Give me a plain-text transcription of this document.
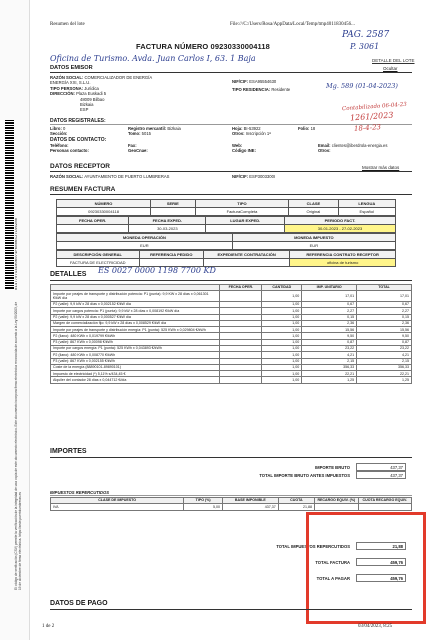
8147707141006071F6806SJ7CV62B0
El código de verificación (CSV) permite la verificación de la integridad de una copia de este documento electrónico. Este documento incorpora firma electrónica reconocida de acuerdo a la Ley 59/2003, de 19 de diciembre de firma electrónica. https://sede.puertolumbreras.es
Resumen del lote	File:///C:/Users/Rosa/AppData/Local/Temp/tmp4011830456...
PAG. 2587
P. 3061
FACTURA NÚMERO 09230330004118
DETALLE DEL LOTE
Oficina de Turismo. Avda. Juan Carlos I, 63. 1 Baja
DATOS EMISOR	Ocultar
RAZÓN SOCIAL: COMERCIALIZADOR DE ENERGÍA
ENERGÍA XXI, S.L.U.
TIPO PERSONA: Jurídica
DIRECCIÓN: Plaza Euskadi 5
48009 Bilbao
Bizkaia
ESP
NIF/CIF: ESA95554630
TIPO RESIDENCIA: Residente	Mg. 589 (01-04-2023)
DATOS REGISTRALES:
Libro: 0
Sección:
Registro mercantil: Bizkaia
Tomo: 5015
Hoja: BI-53922
Otros: Inscripción 1ª
Folio: 18
Contabilizado 06-04-23
1261/2023
18-4-23
DATOS DE CONTACTO:
Teléfono:
Personas contacto:
Fax:
GeoCnae:
Web:
Código INE:
Email: clientes@iberdrola-energia.es
Otros:
DATOS RECEPTOR	Mostrar más datos
RAZÓN SOCIAL: AYUNTAMIENTO DE PUERTO LUMBRERAS	NIF/CIF: ESP3003300I
RESUMEN FACTURA
NÚMERO	SERIE	TIPO	CLASE	LENGUA
09230330004118		FacturaCompleta	Original	Español
FECHA OPER.	FECHA EXPED.	LUGAR EXPED.	PERIODO FACT.
	30-03-2023		30-01-2023 - 27-02-2023
MONEDA OPERACIÓN	MONEDA IMPUESTO
EUR	EUR
DESCRIPCIÓN GENERAL	REFERENCIA PEDIDO	EXPEDIENTE CONTRATACIÓN	REFERENCIA CONTRATO RECEPTOR
FACTURA DE ELECTRICIDAD			oficina de turismo
DETALLES ES 0027 0000 1198 7700 KD
	FECHA OPER.	CANTIDAD	IMP. UNITARIO	TOTAL
Importe por peajes de transporte y distribución potencia: P1 (punta): 9,9 KW x 28 días x 0,061301 €/kW día		1,00	17,01	17,01
P2 (valle): 9,9 kW x 28 días x 0,002152 €/kW día		1,00	0,67	0,67
Importe por cargos potencia: P1 (punta): 9,9 kW x 28 días x 0,008192 €/kW día		1,00	2,27	2,27
P2 (valle): 9,9 kW x 28 días x 0,000527 €/kW día		1,00	0,15	0,15
Margen de comercialización fijo: 9,9 kW x 28 días x 0,008529 €/kW día		1,00	2,36	2,36
Importe por peajes de transporte y distribución energía: P1 (punta): 525 KWh x 0,029804 €/kWh		1,00	15,56	15,56
P2 (llano): 480 KWh x 0,019799 €/kWh		1,00	9,50	9,50
P3 (valle): 867 KWh x 0,00098 €/kWh		1,00	0,87	0,87
Importe por cargos energía: P1 (punta): 525 KWh x 0,043893 €/kWh		1,00	23,22	23,22
P2 (llano): 480 KWh x 0,008770 €/kWh		1,00	4,21	4,21
P3 (valle): 867 KWh x 0,002155 €/kWh		1,00	2,15	2,15
Coste de la energía (88890101-89890101)		1,00	356,33	356,33
Impuesto de electricidad (*) 5,11% s/434,45 €		1,00	22,21	22,21
Alquiler del contador 28 días x 0,044712 €/día		1,00	1,25	1,25
IMPORTES
IMPORTE BRUTO	437,37
TOTAL IMPORTE BRUTO ANTES IMPUESTOS	437,37
IMPUESTOS REPERCUTIDOS
CLASE DE IMPUESTO	TIPO (%)	BASE IMPONIBLE	CUOTA	RECARGO EQUIV. (%)	CUOTA RECARGO EQUIV.
IVA	5,00	437,37	21,88		
TOTAL IMPUESTOS REPERCUTIDOS	21,88
TOTAL FACTURA	459,76
TOTAL A PAGAR	459,76
DATOS DE PAGO
1 de 2	03/04/2023, 8:25
